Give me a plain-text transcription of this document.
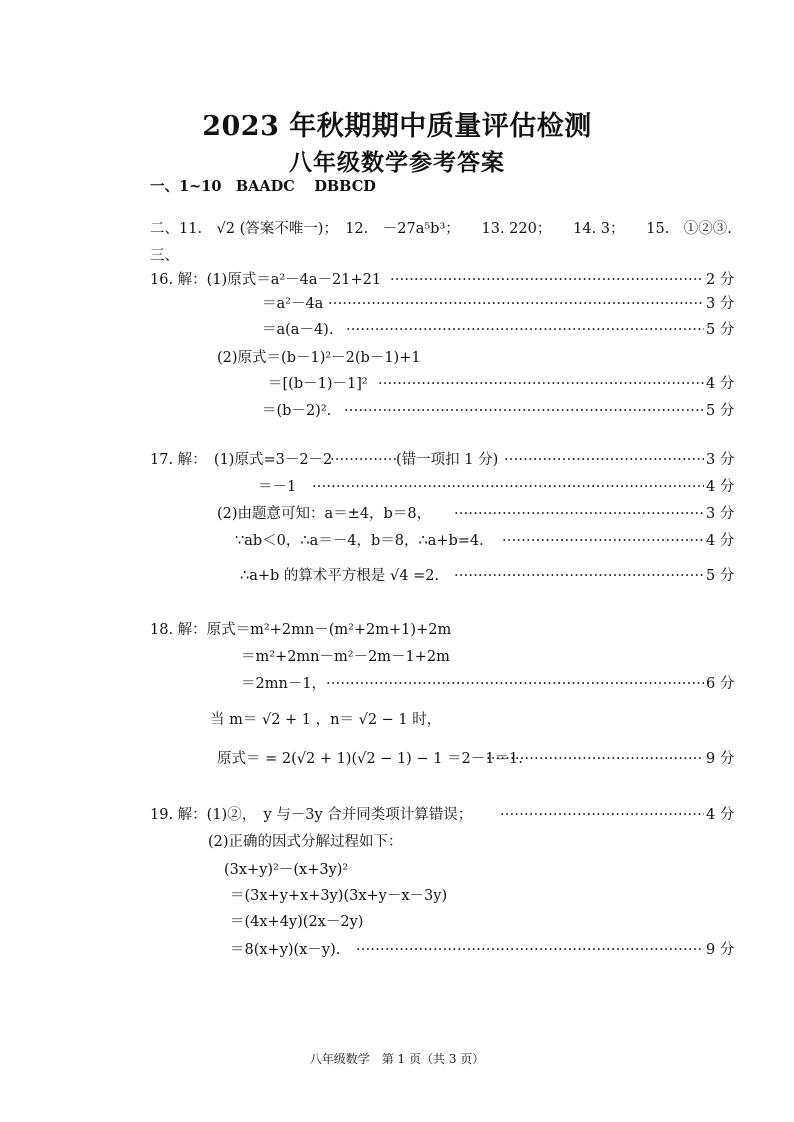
2023 年秋期期中质量评估检测
八年级数学参考答案
一、1~10　BAADC　 DBBCD
二、11.　√2 (答案不唯一)；　12.　－27a⁵b³；　　13. 220；　　14. 3；　　15.　①②③.
三、
16. 解：(1)原式＝a²－4a－21+21 ·····	2 分
＝a²－4a ·····	3 分
＝a(a－4). ·····	5 分
(2)原式＝(b－1)²－2(b－1)+1
＝[(b－1)－1]² ·····	4 分
＝(b－2)². ·····	5 分
17. 解：　(1)原式=3－2－2 ·····	(错一项扣 1 分) ·····	3 分
＝－1 ·····	4 分
(2)由题意可知：a＝±4，b＝8， ·····	3 分
∵ab＜0，∴a＝－4，b＝8，∴a+b=4. ·····	4 分
∴a+b 的算术平方根是 √4 =2. ·····	5 分
18. 解：原式＝m²+2mn－(m²+2m+1)+2m
＝m²+2mn－m²－2m－1+2m
＝2mn－1， ·····	6 分
当 m＝ √2 + 1 ，n＝ √2 − 1 时，
原式＝ = 2(√2 + 1)(√2 − 1) − 1 ＝2－1＝1. ·····	9 分
19. 解：(1)②，　y 与－3y 合并同类项计算错误； ·····	4 分
(2)正确的因式分解过程如下：
(3x+y)²－(x+3y)²
＝(3x+y+x+3y)(3x+y－x－3y)
＝(4x+4y)(2x－2y)
＝8(x+y)(x－y). ·····	9 分
八年级数学　第 1 页（共 3 页）
